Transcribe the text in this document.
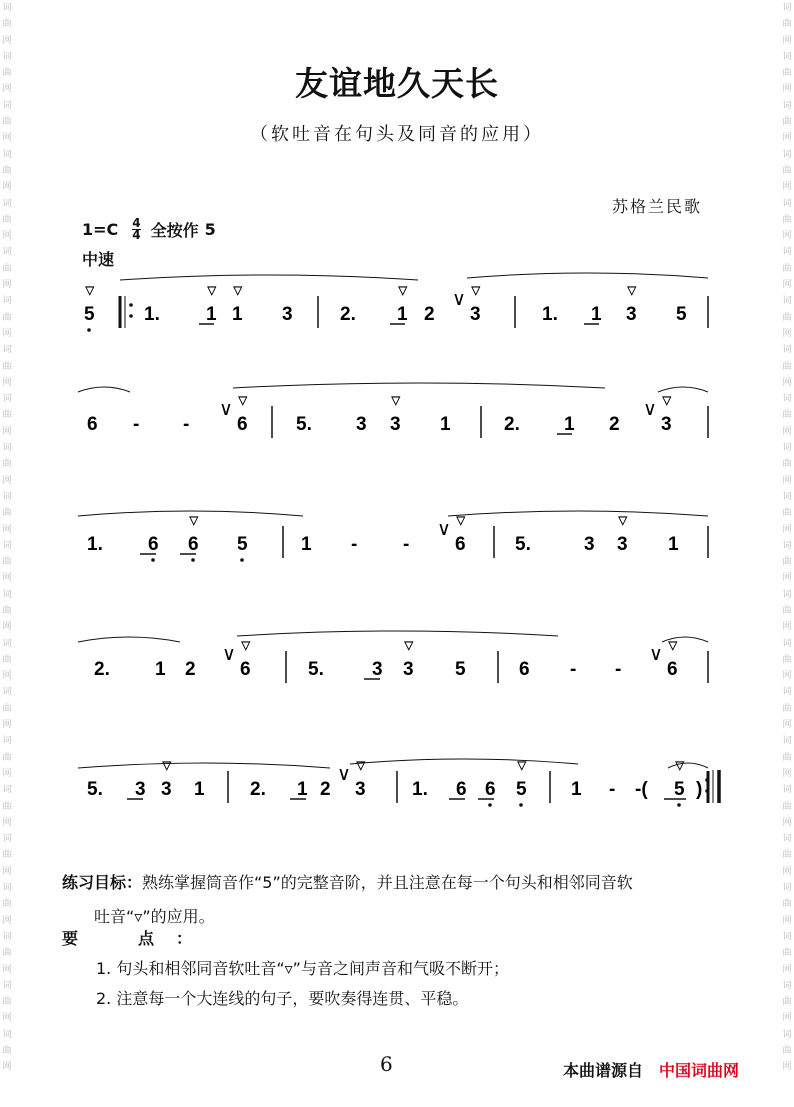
词
曲
网
词
曲
网
词
曲
网
词
曲
网
词
曲
网
词
曲
网
词
曲
网
词
曲
网
词
曲
网
词
曲
网
词
曲
网
词
曲
网
词
曲
网
词
曲
网
词
曲
网
词
曲
网
词
曲
网
词
曲
网
词
曲
网
词
曲
网
词
曲
网
词
曲
网
词
曲
网
词
曲
网
词
曲
网
词
曲
网
词
曲
网
词
曲
网
词
曲
网
词
曲
网
词
曲
网
词
曲
网
词
曲
网
词
曲
网
词
曲
网
词
曲
网
词
曲
网
词
曲
网
词
曲
网
词
曲
网
词
曲
网
词
曲
网
词
曲
网
词
曲
网
友谊地久天长
（软吐音在句头及同音的应用）
苏格兰民歌
1=C 4
4 全按作 5
中速
5
▿
1. 1
▿
1
▿
3 2. 1
▿
2 3
▿
∨
1. 1 3
▿
5
6 - -	6
▿
∨
5. 3 3
▿
1	2. 1 2 3
▿
∨
1. 6 6
▿
5	1 - - 6
▿
∨
5.	3 3
▿
1
2. 1 2 6
▿
∨
5.	3 3
▿
5	6 - - 6
▿
∨
5. 3 3
▿
1 2. 1 2 3
▿
∨
1. 6 6 5
▿
1 - -( 5
▿
)
练习目标：熟练掌握筒音作“5”的完整音阶，并且注意在每一个句头和相邻同音软
吐音“▿”的应用。
要　点：
1. 句头和相邻同音软吐音“▿”与音之间声音和气吸不断开；
2. 注意每一个大连线的句子，要吹奏得连贯、平稳。
6	本曲谱源自 中国词曲网
